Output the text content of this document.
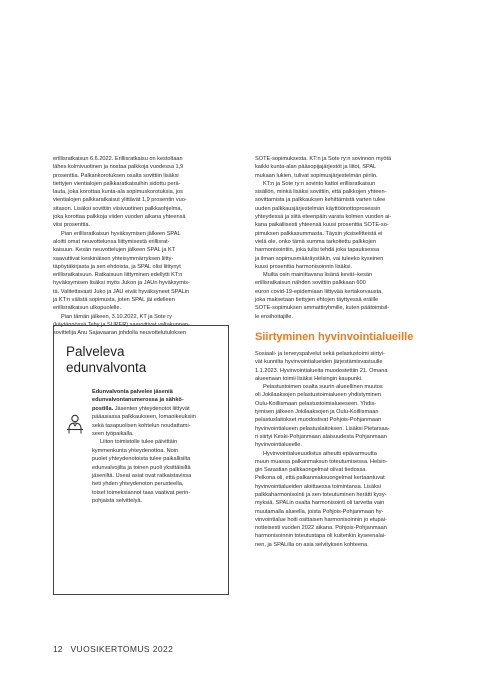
erillisratkaisun 6.6.2022. Erillisratkaisu on kestoltaan
lähes kolmivuotinen ja nostaa palkkoja vuodessa 1,9
prosenttia. Palkankorotuksen osalta sovittiin lisäksi
tiettyjen vientialojen palkkaratkaisuihin sidottu perä-
lauta, joka korottaa kunta-ala sopimuskorotuksia, jos
vientialojen palkkaratkaisut ylittävät 1,9 prosentin vuo-
sitason. Lisäksi sovittiin viisivuotinen palkkaohjelma,
joka korottaa palkkoja viiden vuoden aikana yhteensä
viisi prosenttia.

Pian erillisratkaisun hyväksymisen jälkeen SPAL
aloitti omat neuvottelunsa liittymisestä erillisrat-
kaisuun. Kesän neuvottelujen jälkeen SPAL ja KT
saavuttivat keskinäisen yhteisymmärryksen liitty-
täpöytäkirjasta ja sen ehdoista, ja SPAL olisi liittynyt
erillisratkaisuun. Ratkaisuun liittyminen edellytti KT:n
hyväksymisen lisäksi myös Jukon ja JAUn hyväksymis-
tä. Valitettavasti Juko ja JAU eivät hyväksyneet SPALin
ja KT:n välistä sopimusta, joten SPAL jäi edelleen
erillisratkaisun ulkopuolelle.

Pian tämän jälkeen, 3.10.2022, KT ja Sote ry
(käytännössä Tehy ja SUPER) saavuttivat valtakunnan-
sovittelija Anu Sajavaaran johdolla neuvottelutuloksen

Palveleva
edunvalvonta

Edunvalvonta palvelee jäseniä
edunvalvontanumerossa ja sähkö-
postilla. Jäsenten yhteydenotot liittyvät
pääasiassa palkkaukseen, lomaoikeuksiin
sekä tasapuolisen kohtelun noudattami-
seen työpaikalla.

Liiton toimistolle tulee päivittäin
kymmenkunta yhteydenottoa. Noin
puolet yhteydenotoista tulee paikallisilta
edunvalvojilta ja toinen puoli yksittäisiltä
jäseniltä. Useat asiat ovat ratkaistavissa
heti yhden yhteydenoton perusteella,
toiset toimeksiannot taas vaativat perin-
pohjaista selvittelyä.

SOTE-sopimuksesta. KT:n ja Sote ry:n sovinnon myötä
kaikki kunta-alan pääsopijajärjestöt ja liitot, SPAL
mukaan lukien, tulivat sopimusjärjestelmän piiriin.

KT:n ja Sote ry:n sovinto kattoi erillisratkaisun
sisällön, minkä lisäksi sovittiin, että palkkojen yhteen-
sovittamista ja palkkauksen kehittämistä varten tulee
uuden palkkausjärjestelmän käyttöönottoprosessin
yhteydessä ja siitä eteenpäin varata kolmen vuoden ai-
kana paikallisesti yhteensä kuusi prosenttia SOTE-so-
pimuksen palkkasummasta. Täysin yksiselitteistä ei
vielä ole, onko tämä summa tarkoitettu palkkojen
harmonisointiin, joka tulisi tehdä joka tapauksessa
ja ilman sopimusmääräystäkin, vai tuleeko kyseinen
kuusi prosenttia harmonisoinnin lisäksi.

Muilta osin mainittavana lisänä kevät–kesän
erillisratkaisun nähden sovittiin palkkaan 600
euron covid-19-epidemiaan liittyvää kertakorvausta,
joka maksetaan tiettyjen ehtojen täyttyessä eräille
SOTE-sopimuksen ammattiryhmille, kuten päätoimisil-
le ensihoitajille.

Siirtyminen hyvinvointialueille

Sosiaali- ja terveyspalvelut sekä pelastustoimi siirtyi-
vät kunnilta hyvinvointialueiden järjestämisvastuulle
1.1.2023. Hyvinvointialueita muodostettiin 21. Omana
alueenaan toimii lisäksi Helsingin kaupunki.

Pelastustoimen osalta suurin alueellinen muutos
oli Jokilaaksojen pelastustoimialueen yhdistyminen
Oulu-Koillismaan pelastustoimialueeseen. Yhdis-
tymisen jälkeen Jokilaaksojen ja Oulu-Koillismaan
pelastuslaitokset muodostivat Pohjois-Pohjanmaan
hyvinvointialueen pelastuslaitoksen. Lisäksi Pietarsaa-
ri siirtyi Keski-Pohjanmaan alaisuudesta Pohjanmaan
hyvinvointialueelle.

Hyvinvointialueuudistus aiheutti epävarmuutta
muun muassa palkanmaksun toteutumisessa. Helsin-
gin Sarastian palkkaongelmat olivat tiedossa.
Pelkona oli, että palkanmaksuongelmat kertaantuvat
hyvinvointialueiden aloittaessa toimintansa. Lisäksi
palkkaharmonisointi ja sen toteutuminen herätti kysy-
myksiä. SPALin osalta harmonisointi oli tarvetta vain
muutamalla alueella, joista Pohjois-Pohjanmaan hy-
vinvointialue hoiti osittaisen harmonisoinnin jo etupai-
notteisesti vuoden 2022 aikana. Pohjois-Pohjanmaan
harmonisoinnin toteutustapa oli kuitenkin kyseenalai-
nen, ja SPALilla on asia selvityksen kohteena.

12 VUOSIKERTOMUS 2022
